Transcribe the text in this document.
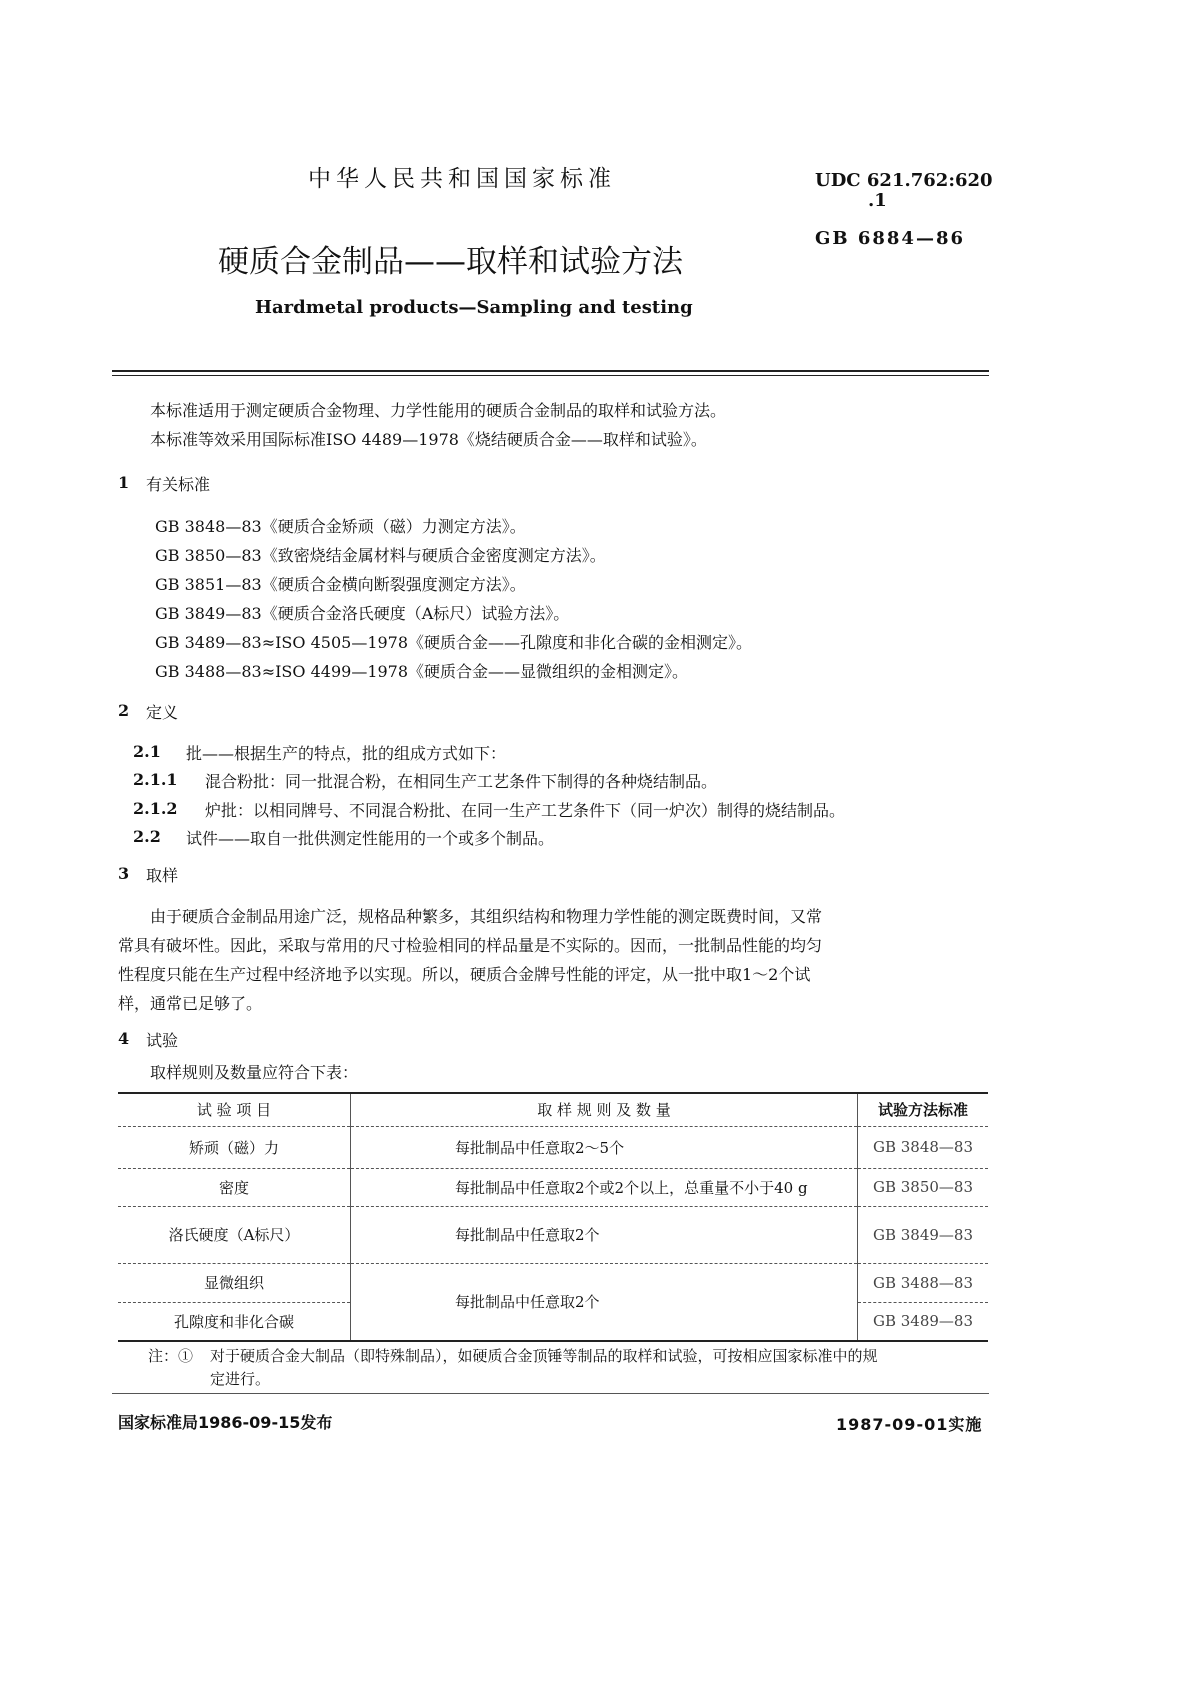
中华人民共和国国家标准	UDC 621.762:620
.1
GB 6884—86
硬质合金制品——取样和试验方法
Hardmetal products—Sampling and testing
本标准适用于测定硬质合金物理、力学性能用的硬质合金制品的取样和试验方法。
本标准等效采用国际标准ISO 4489—1978《烧结硬质合金——取样和试验》。
1 有关标准
GB 3848—83《硬质合金矫顽（磁）力测定方法》。
GB 3850—83《致密烧结金属材料与硬质合金密度测定方法》。
GB 3851—83《硬质合金横向断裂强度测定方法》。
GB 3849—83《硬质合金洛氏硬度（A标尺）试验方法》。
GB 3489—83≈ISO 4505—1978《硬质合金——孔隙度和非化合碳的金相测定》。
GB 3488—83≈ISO 4499—1978《硬质合金——显微组织的金相测定》。
2 定义
2.1 批——根据生产的特点，批的组成方式如下：
2.1.1 混合粉批：同一批混合粉，在相同生产工艺条件下制得的各种烧结制品。
2.1.2 炉批：以相同牌号、不同混合粉批、在同一生产工艺条件下（同一炉次）制得的烧结制品。
2.2 试件——取自一批供测定性能用的一个或多个制品。
3 取样
由于硬质合金制品用途广泛，规格品种繁多，其组织结构和物理力学性能的测定既费时间，又常
常具有破坏性。因此，采取与常用的尺寸检验相同的样品量是不实际的。因而，一批制品性能的均匀
性程度只能在生产过程中经济地予以实现。所以，硬质合金牌号性能的评定，从一批中取1～2个试
样，通常已足够了。
4 试验
取样规则及数量应符合下表：
试 验 项 目	取 样 规 则 及 数 量	试验方法标准
矫顽（磁）力	每批制品中任意取2～5个	GB 3848—83
密度	每批制品中任意取2个或2个以上，总重量不小于40 g	GB 3850—83
洛氏硬度（A标尺）	每批制品中任意取2个	GB 3849—83
显微组织	每批制品中任意取2个	GB 3488—83
孔隙度和非化合碳		GB 3489—83
注：① 对于硬质合金大制品（即特殊制品），如硬质合金顶锤等制品的取样和试验，可按相应国家标准中的规
定进行。
国家标准局1986-09-15发布	1987-09-01实施
